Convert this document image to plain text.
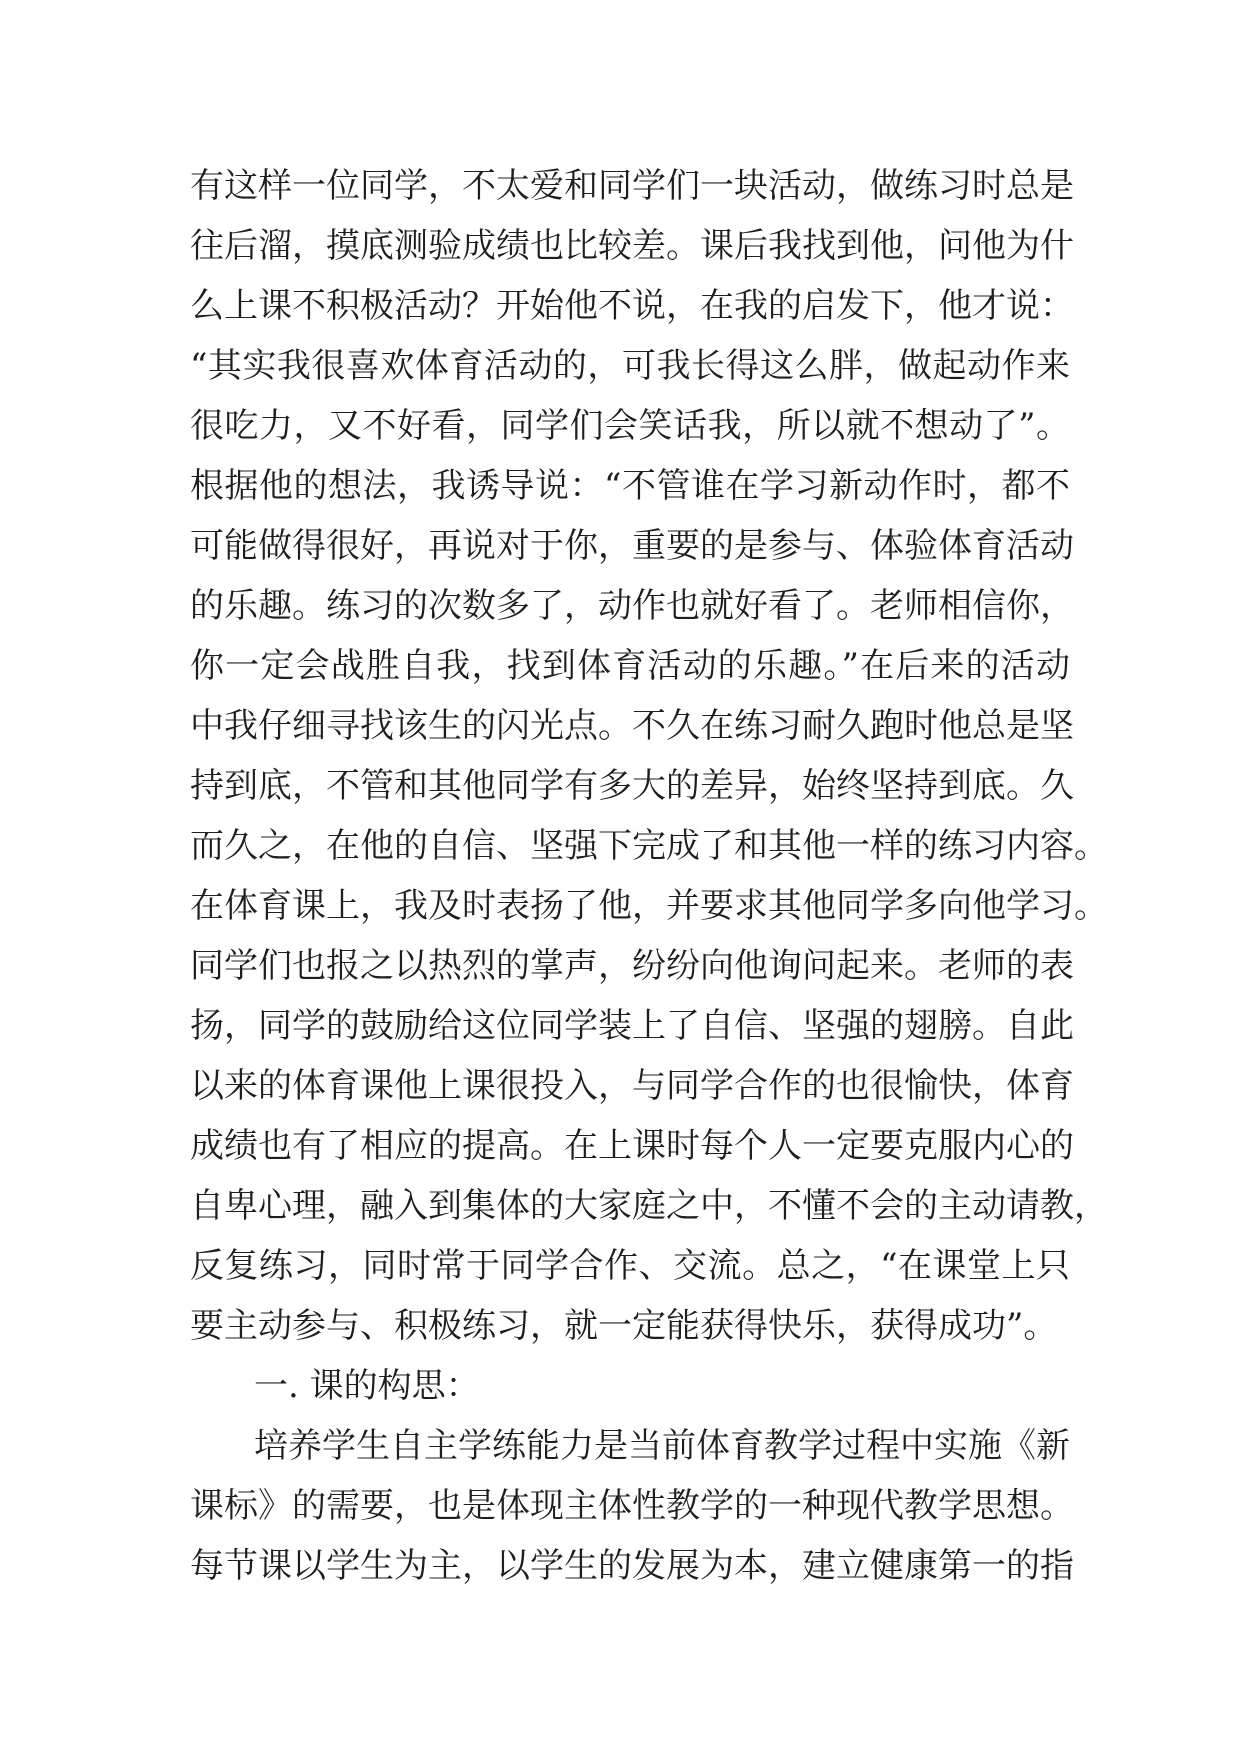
有这样一位同学，不太爱和同学们一块活动，做练习时总是
往后溜，摸底测验成绩也比较差。课后我找到他，问他为什
么上课不积极活动？开始他不说，在我的启发下，他才说：
“其实我很喜欢体育活动的，可我长得这么胖，做起动作来
很吃力，又不好看，同学们会笑话我，所以就不想动了”。
根据他的想法，我诱导说：“不管谁在学习新动作时，都不
可能做得很好，再说对于你，重要的是参与、体验体育活动
的乐趣。练习的次数多了，动作也就好看了。老师相信你，
你一定会战胜自我，找到体育活动的乐趣。”在后来的活动
中我仔细寻找该生的闪光点。不久在练习耐久跑时他总是坚
持到底，不管和其他同学有多大的差异，始终坚持到底。久
而久之，在他的自信、坚强下完成了和其他一样的练习内容。
在体育课上，我及时表扬了他，并要求其他同学多向他学习。
同学们也报之以热烈的掌声，纷纷向他询问起来。老师的表
扬，同学的鼓励给这位同学装上了自信、坚强的翅膀。自此
以来的体育课他上课很投入，与同学合作的也很愉快，体育
成绩也有了相应的提高。在上课时每个人一定要克服内心的
自卑心理，融入到集体的大家庭之中，不懂不会的主动请教，
反复练习，同时常于同学合作、交流。总之，“在课堂上只
要主动参与、积极练习，就一定能获得快乐，获得成功”。
一. 课的构思：
培养学生自主学练能力是当前体育教学过程中实施《新
课标》的需要，也是体现主体性教学的一种现代教学思想。
每节课以学生为主，以学生的发展为本，建立健康第一的指
